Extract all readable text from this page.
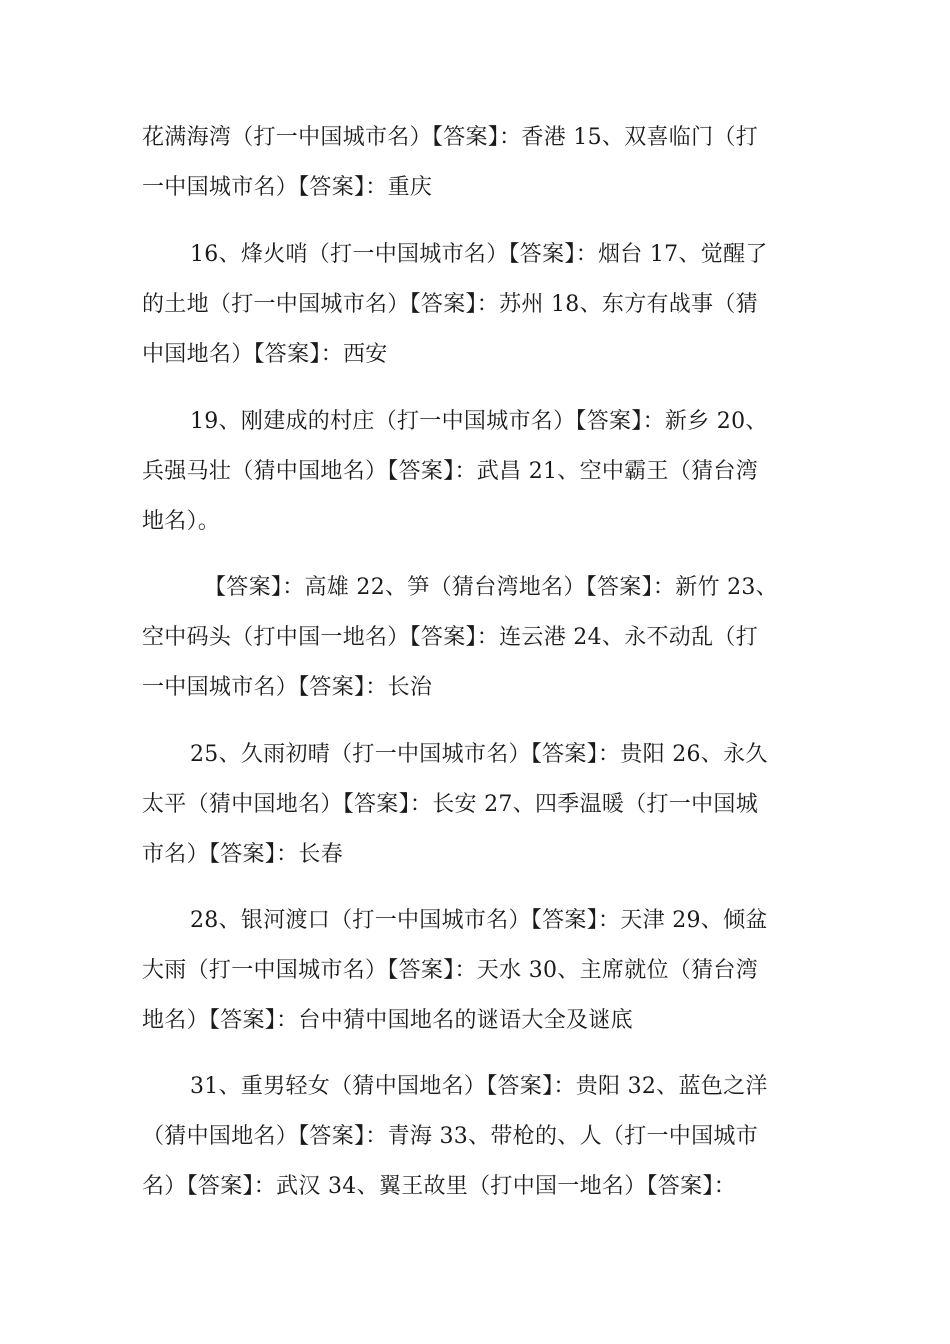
花满海湾（打一中国城市名）【答案】：香港 15、双喜临门（打
一中国城市名）【答案】：重庆
16、烽火哨（打一中国城市名）【答案】：烟台 17、觉醒了
的土地（打一中国城市名）【答案】：苏州 18、东方有战事（猜
中国地名）【答案】：西安
19、刚建成的村庄（打一中国城市名）【答案】：新乡 20、
兵强马壮（猜中国地名）【答案】：武昌 21、空中霸王（猜台湾
地名）。
【答案】：高雄 22、笋（猜台湾地名）【答案】：新竹 23、
空中码头（打中国一地名）【答案】：连云港 24、永不动乱（打
一中国城市名）【答案】：长治
25、久雨初晴（打一中国城市名）【答案】：贵阳 26、永久
太平（猜中国地名）【答案】：长安 27、四季温暖（打一中国城
市名）【答案】：长春
28、银河渡口（打一中国城市名）【答案】：天津 29、倾盆
大雨（打一中国城市名）【答案】：天水 30、主席就位（猜台湾
地名）【答案】：台中猜中国地名的谜语大全及谜底
31、重男轻女（猜中国地名）【答案】：贵阳 32、蓝色之洋
（猜中国地名）【答案】：青海 33、带枪的、人（打一中国城市
名）【答案】：武汉 34、翼王故里（打中国一地名）【答案】：
